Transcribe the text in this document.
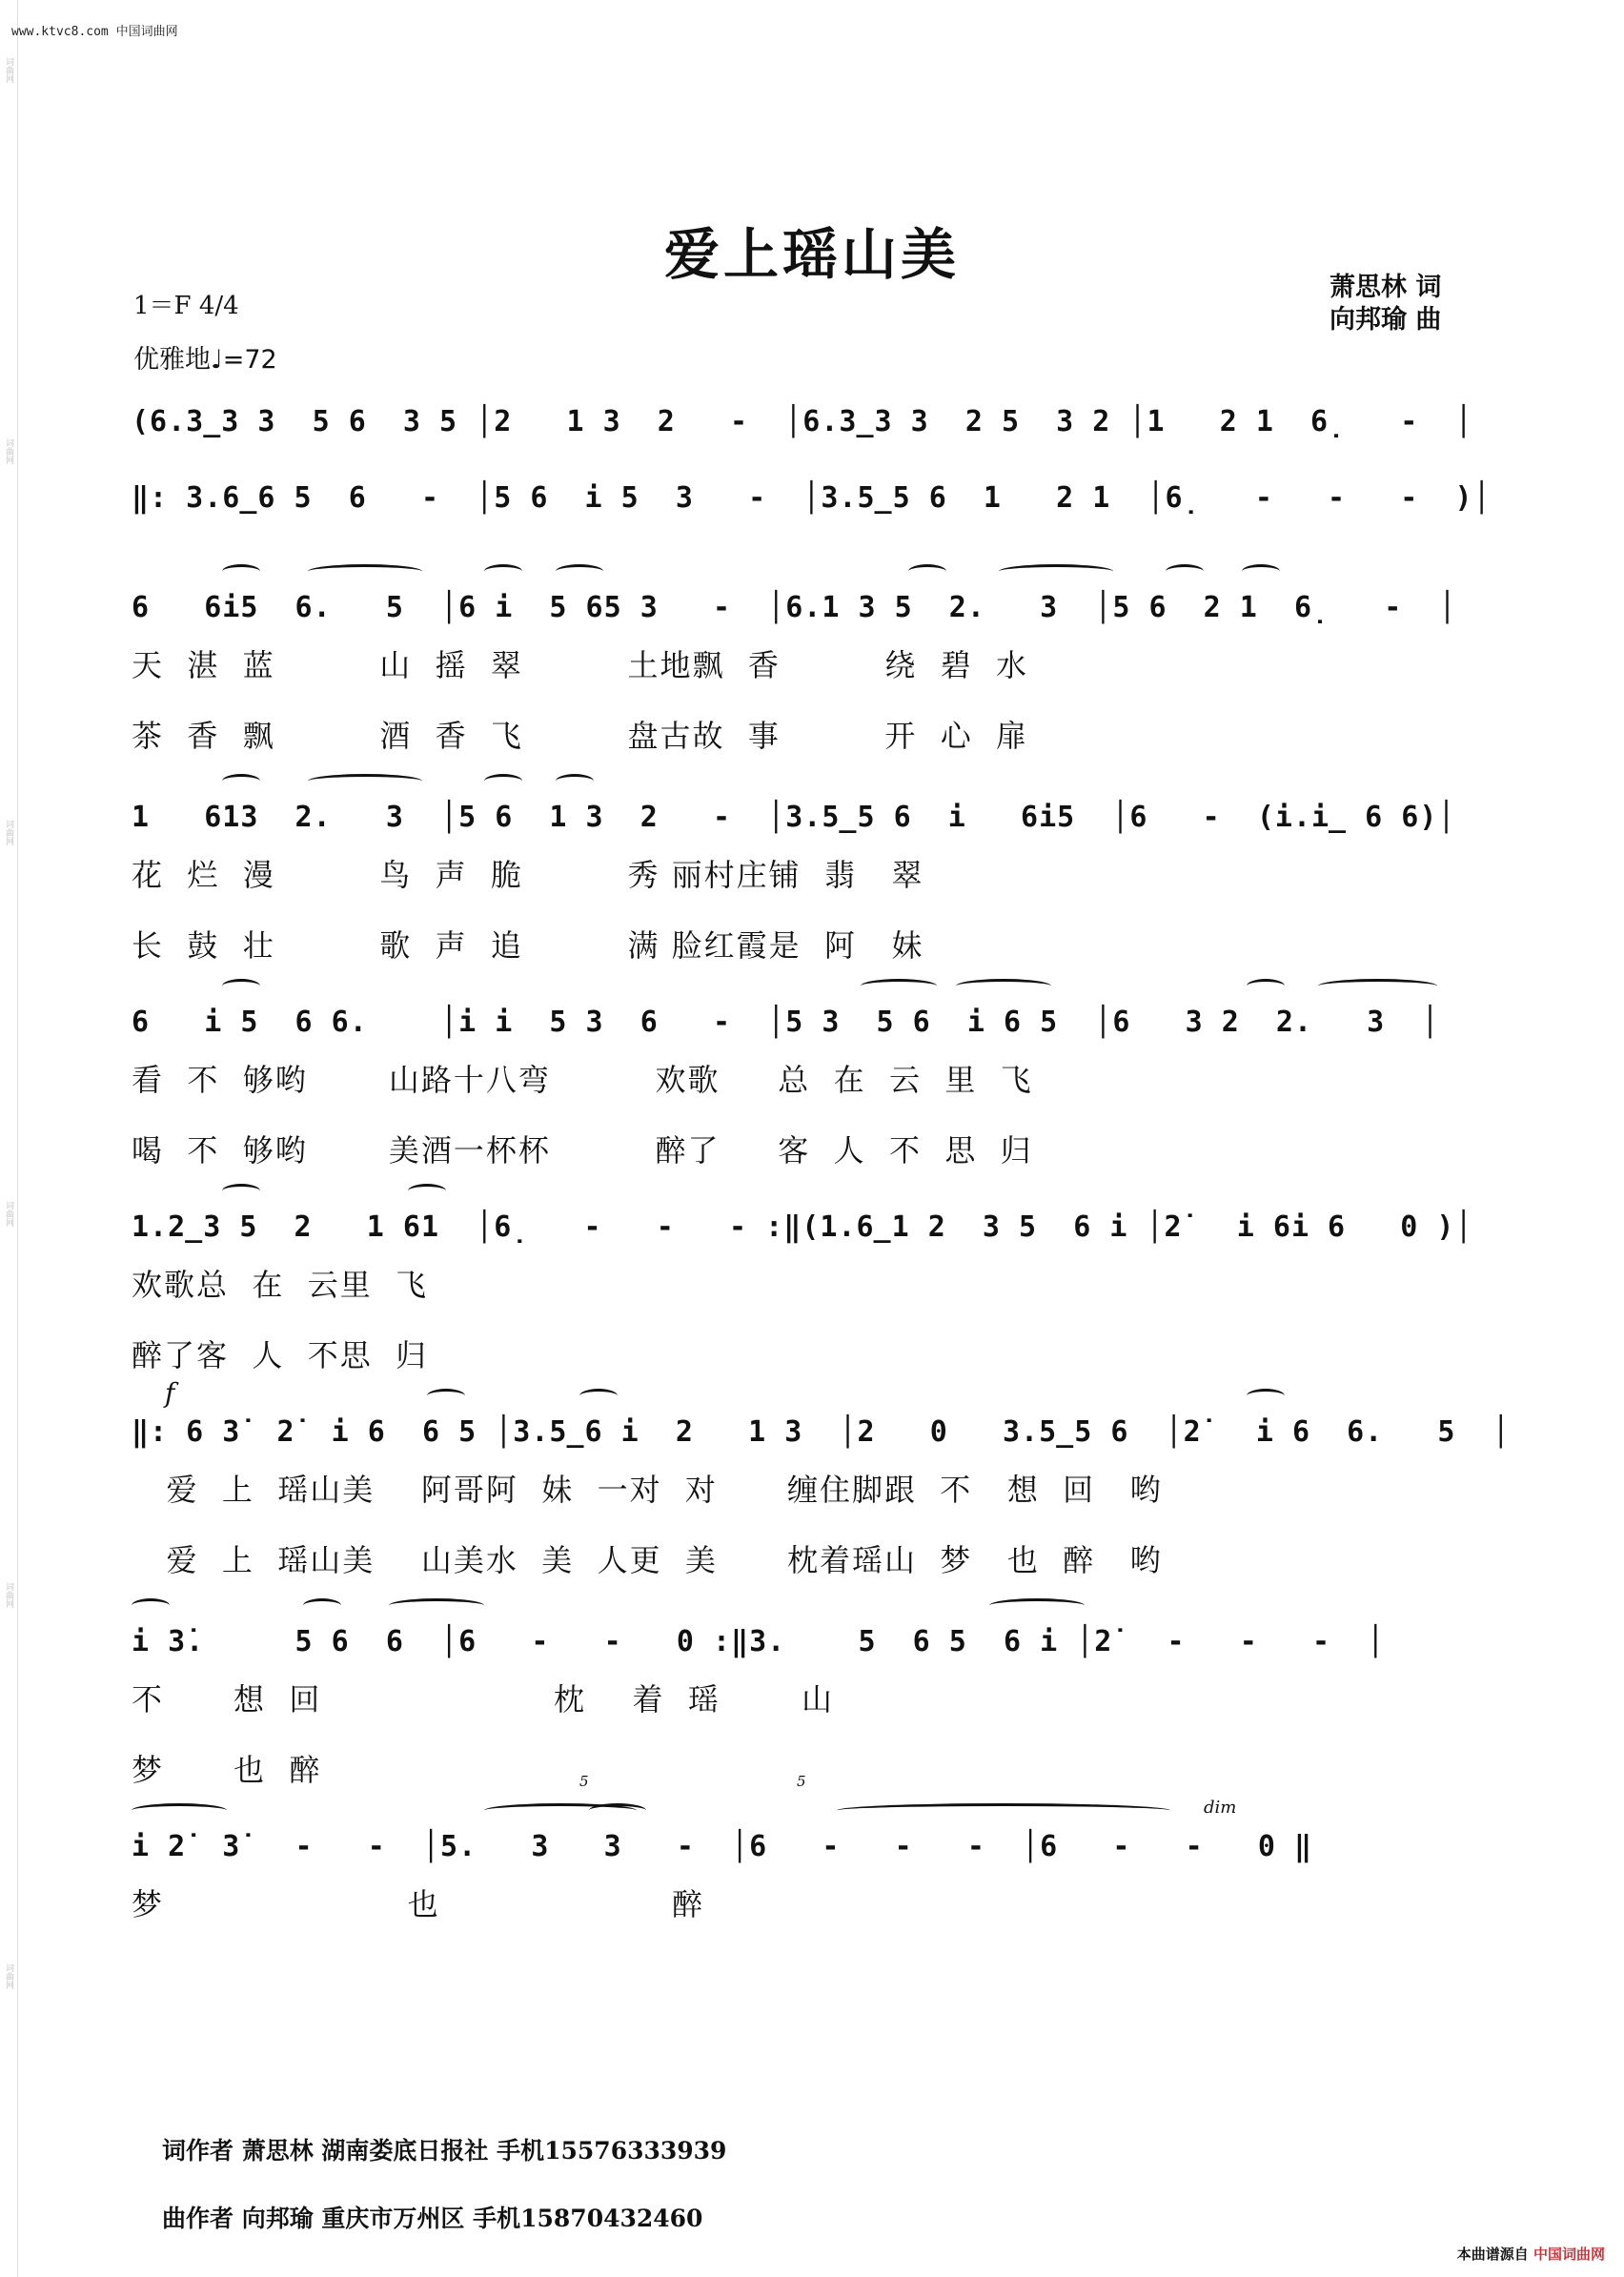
词曲网
词曲网
词曲网
词曲网
词曲网
词曲网
www.ktvc8.com 中国词曲网
爱上瑶山美
萧思林 词
向邦瑜 曲
1＝F 4/4
优雅地♩=72
(6.3̲3 3  5 6  3 5 │2   1 3  2   -  │6.3̲3 3  2 5  3 2 │1   2 1  6̣   -  │
‖: 3.6̲6 5  6   -  │5 6  i 5  3   -  │3.5̲5 6  1   2 1  │6̣   -   -   -  )│
6   6i5  6.   5  │6 i  5 65 3   -  │6.1 3 5  2.   3  │5 6  2 1  6̣   -  │
天  湛  蓝         山  摇  翠         土地飘  香         绕  碧  水
茶  香  飘         酒  香  飞         盘古故  事         开  心  扉
1   613  2.   3  │5 6  1 3  2   -  │3.5̲5 6  i   6i5  │6   -  (i.i̲ 6 6)│
花  烂  漫         鸟  声  脆         秀 丽村庄铺  翡   翠
长  鼓  壮         歌  声  追         满 脸红霞是  阿   妹
6   i 5  6 6.    │i i  5 3  6   -  │5 3  5 6  i 6 5  │6   3 2  2.   3  │
看  不  够哟       山路十八弯         欢歌     总  在  云  里  飞
喝  不  够哟       美酒一杯杯         醉了     客  人  不  思  归
1.2̲3 5  2   1 61  │6̣   -   -   - :‖(1.6̲1 2  3 5  6 i │2̇   i 6i 6   0 )│
欢歌总  在  云里  飞
醉了客  人  不思  归
f
‖: 6 3̇  2̇  i 6  6 5 │3.5̲6 i  2   1 3  │2   0   3.5̲5 6  │2̇   i 6  6.   5  │
爱  上  瑶山美    阿哥阿  妹  一对  对      缠住脚跟  不   想  回   哟
爱  上  瑶山美    山美水  美  人更  美      枕着瑶山  梦   也  醉   哟
i 3̇.     5 6  6  │6   -   -   0 :‖3.    5  6 5  6 i │2̇   -   -   -  │
不      想  回                    枕    着  瑶       山
梦      也  醉	5	5
dim
i 2̇  3̇   -   -  │5.   3   3   -  │6   -   -   -  │6   -   -   0 ‖
梦                     也                    醉
词作者 萧思林 湖南娄底日报社 手机15576333939
曲作者 向邦瑜 重庆市万州区 手机15870432460
本曲谱源自 中国词曲网
